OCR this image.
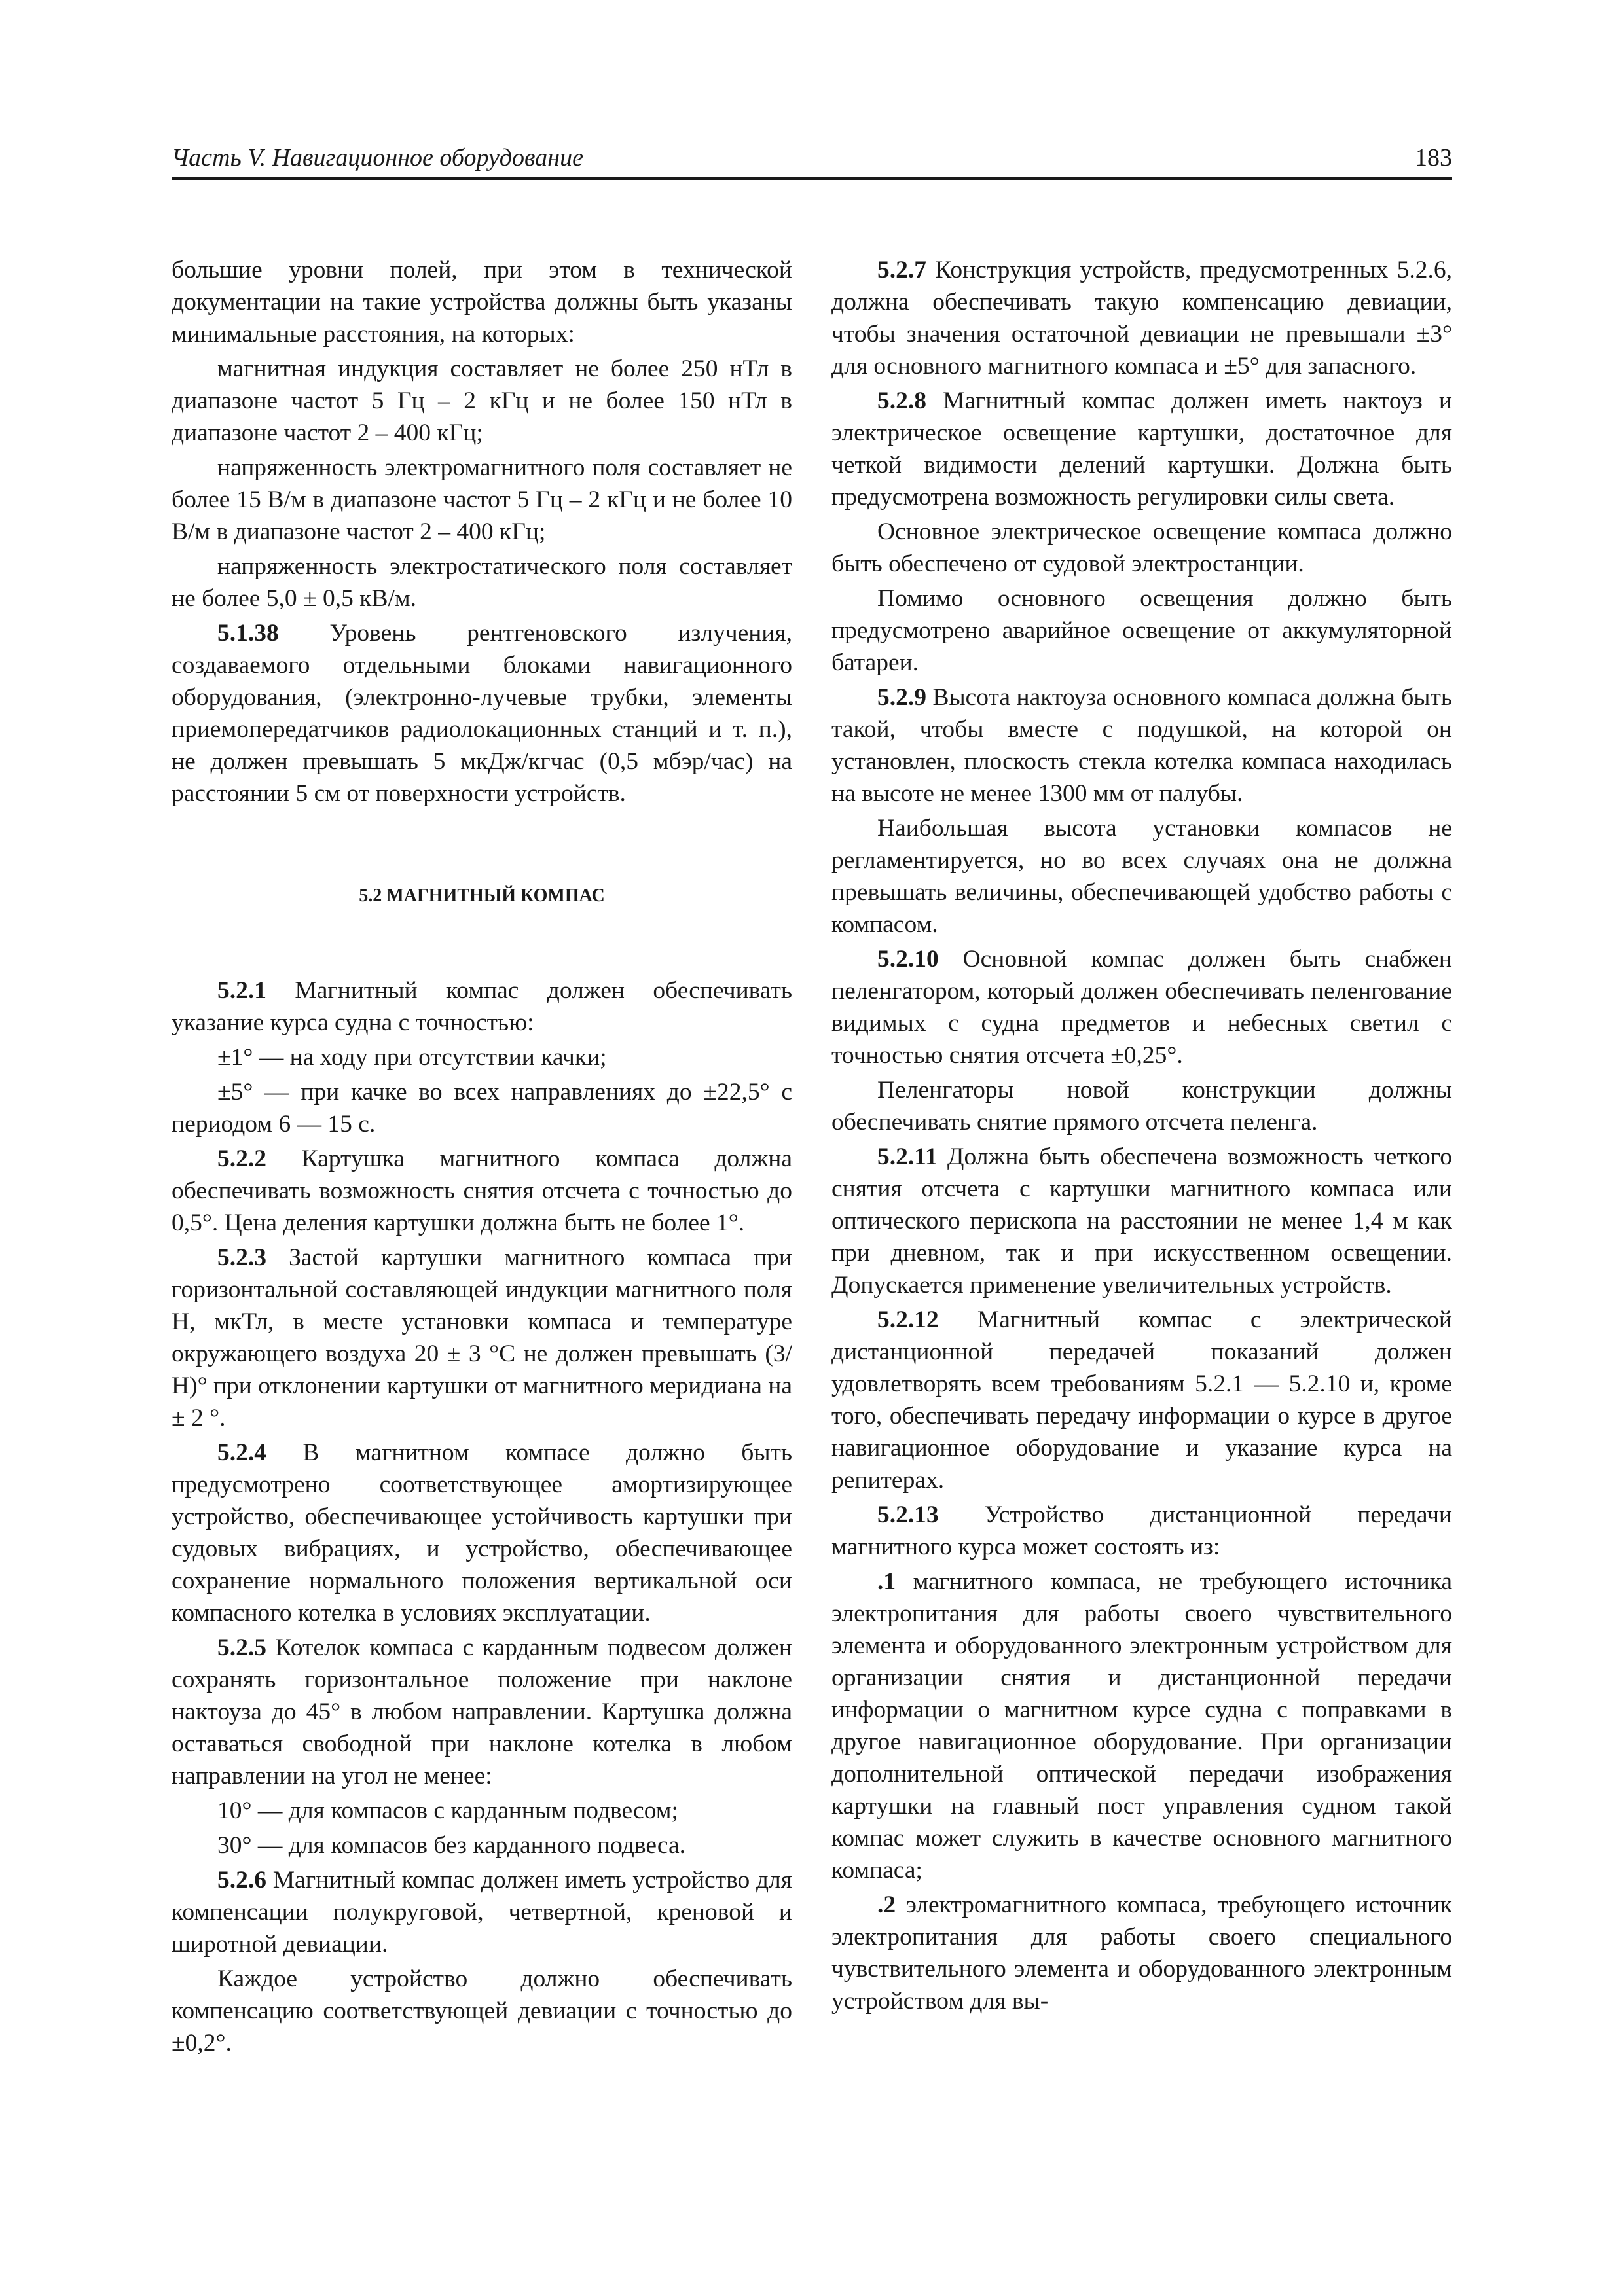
Часть V. Навигационное оборудование	183

большие уровни полей, при этом в технической документации на такие устройства должны быть указаны минимальные расстояния, на которых:

магнитная индукция составляет не более 250 нТл в диапазоне частот 5 Гц – 2 кГц и не более 150 нТл в диапазоне частот 2 – 400 кГц;

напряженность электромагнитного поля составляет не более 15 В/м в диапазоне частот 5 Гц – 2 кГц и не более 10 В/м в диапазоне частот 2 – 400 кГц;

напряженность электростатического поля составляет не более 5,0 ± 0,5 кВ/м.

5.1.38 Уровень рентгеновского излучения, создаваемого отдельными блоками навигационного оборудования, (электронно-лучевые трубки, элементы приемопередатчиков радиолокационных станций и т. п.), не должен превышать 5 мкДж/кгчас (0,5 мбэр/час) на расстоянии 5 см от поверхности устройств.

5.2 МАГНИТНЫЙ КОМПАС

5.2.1 Магнитный компас должен обеспечивать указание курса судна с точностью:

±1° — на ходу при отсутствии качки;

±5° — при качке во всех направлениях до ±22,5° с периодом 6 — 15 с.

5.2.2 Картушка магнитного компаса должна обеспечивать возможность снятия отсчета с точностью до 0,5°. Цена деления картушки должна быть не более 1°.

5.2.3 Застой картушки магнитного компаса при горизонтальной составляющей индукции магнитного поля Н, мкТл, в месте установки компаса и температуре окружающего воздуха 20 ± 3 °С не должен превышать (3/Н)° при отклонении картушки от магнитного меридиана на ± 2 °.

5.2.4 В магнитном компасе должно быть предусмотрено соответствующее амортизирующее устройство, обеспечивающее устойчивость картушки при судовых вибрациях, и устройство, обеспечивающее сохранение нормального положения вертикальной оси компасного котелка в условиях эксплуатации.

5.2.5 Котелок компаса с карданным подвесом должен сохранять горизонтальное положение при наклоне нактоуза до 45° в любом направлении. Картушка должна оставаться свободной при наклоне котелка в любом направлении на угол не менее:

10° — для компасов с карданным подвесом;

30° — для компасов без карданного подвеса.

5.2.6 Магнитный компас должен иметь устройство для компенсации полукруговой, четвертной, креновой и широтной девиации.

Каждое устройство должно обеспечивать компенсацию соответствующей девиации с точностью до ±0,2°.

5.2.7 Конструкция устройств, предусмотренных 5.2.6, должна обеспечивать такую компенсацию девиации, чтобы значения остаточной девиации не превышали ±3° для основного магнитного компаса и ±5° для запасного.

5.2.8 Магнитный компас должен иметь нактоуз и электрическое освещение картушки, достаточное для четкой видимости делений картушки. Должна быть предусмотрена возможность регулировки силы света.

Основное электрическое освещение компаса должно быть обеспечено от судовой электростанции.

Помимо основного освещения должно быть предусмотрено аварийное освещение от аккумуляторной батареи.

5.2.9 Высота нактоуза основного компаса должна быть такой, чтобы вместе с подушкой, на которой он установлен, плоскость стекла котелка компаса находилась на высоте не менее 1300 мм от палубы.

Наибольшая высота установки компасов не регламентируется, но во всех случаях она не должна превышать величины, обеспечивающей удобство работы с компасом.

5.2.10 Основной компас должен быть снабжен пеленгатором, который должен обеспечивать пеленгование видимых с судна предметов и небесных светил с точностью снятия отсчета ±0,25°.

Пеленгаторы новой конструкции должны обеспечивать снятие прямого отсчета пеленга.

5.2.11 Должна быть обеспечена возможность четкого снятия отсчета с картушки магнитного компаса или оптического перископа на расстоянии не менее 1,4 м как при дневном, так и при искусственном освещении. Допускается применение увеличительных устройств.

5.2.12 Магнитный компас с электрической дистанционной передачей показаний должен удовлетворять всем требованиям 5.2.1 — 5.2.10 и, кроме того, обеспечивать передачу информации о курсе в другое навигационное оборудование и указание курса на репитерах.

5.2.13 Устройство дистанционной передачи магнитного курса может состоять из:

.1 магнитного компаса, не требующего источника электропитания для работы своего чувствительного элемента и оборудованного электронным устройством для организации снятия и дистанционной передачи информации о магнитном курсе судна с поправками в другое навигационное оборудование. При организации дополнительной оптической передачи изображения картушки на главный пост управления судном такой компас может служить в качестве основного магнитного компаса;

.2 электромагнитного компаса, требующего источник электропитания для работы своего специального чувствительного элемента и оборудованного электронным устройством для вы-
